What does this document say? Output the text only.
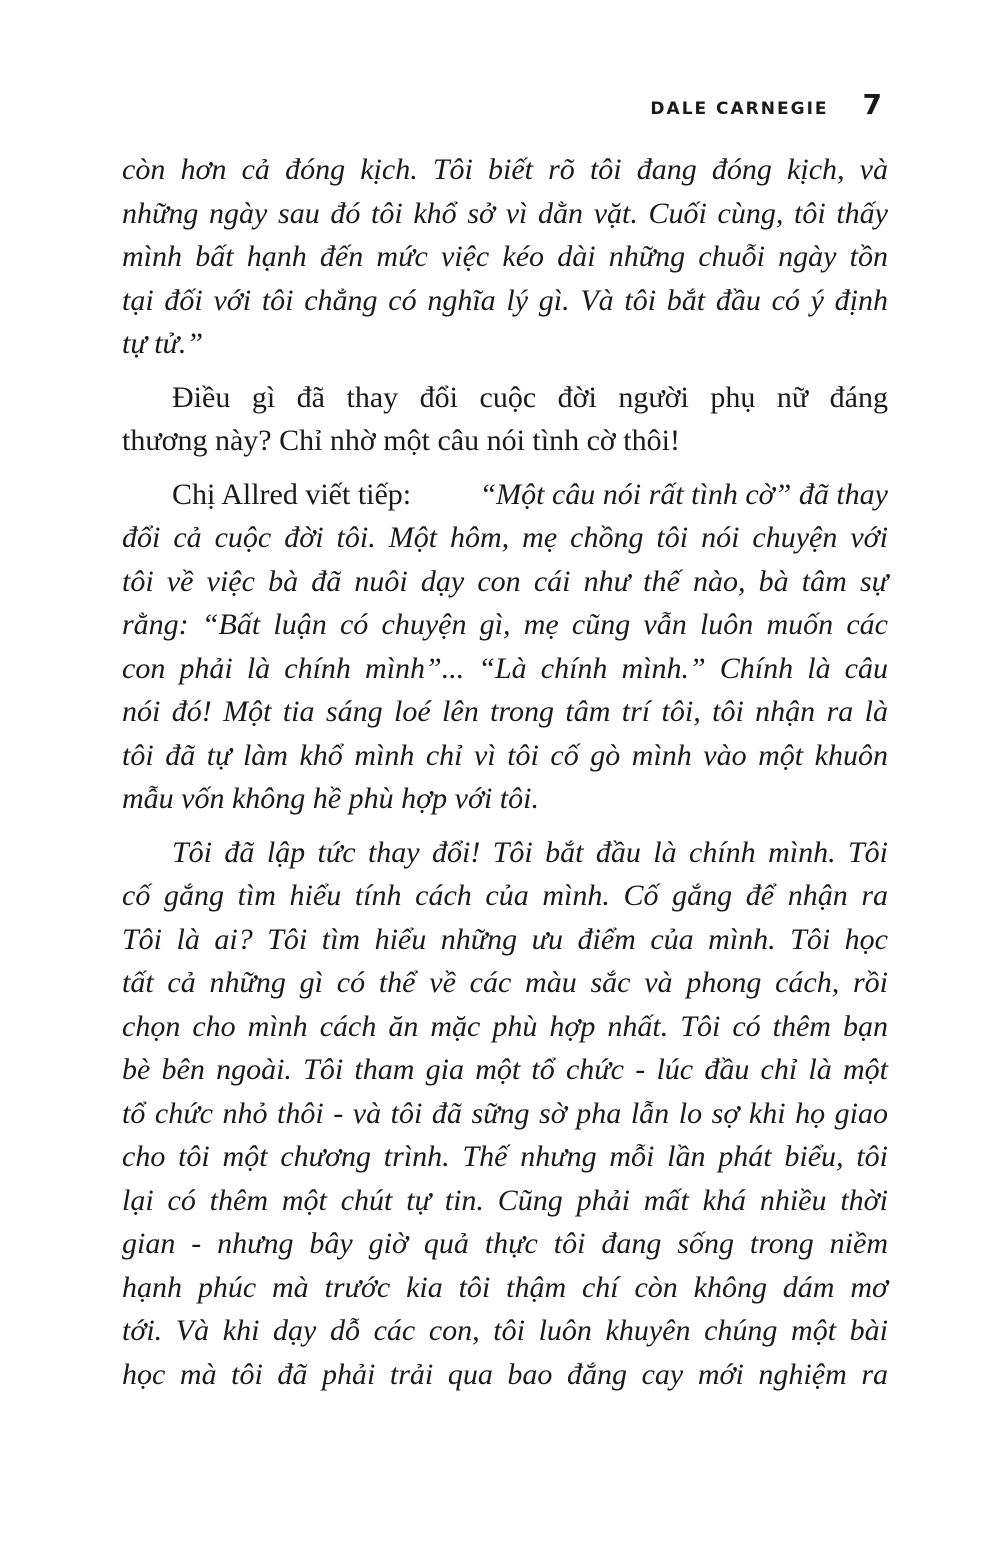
DALE CARNEGIE 7
còn hơn cả đóng kịch. Tôi biết rõ tôi đang đóng kịch, và
những ngày sau đó tôi khổ sở vì dằn vặt. Cuối cùng, tôi thấy
mình bất hạnh đến mức việc kéo dài những chuỗi ngày tồn
tại đối với tôi chẳng có nghĩa lý gì. Và tôi bắt đầu có ý định
tự tử.”
Điều gì đã thay đổi cuộc đời người phụ nữ đáng
thương này? Chỉ nhờ một câu nói tình cờ thôi!
Chị Allred viết tiếp: “Một câu nói rất tình cờ” đã thay
đổi cả cuộc đời tôi. Một hôm, mẹ chồng tôi nói chuyện với
tôi về việc bà đã nuôi dạy con cái như thế nào, bà tâm sự
rằng: “Bất luận có chuyện gì, mẹ cũng vẫn luôn muốn các
con phải là chính mình”... “Là chính mình.” Chính là câu
nói đó! Một tia sáng loé lên trong tâm trí tôi, tôi nhận ra là
tôi đã tự làm khổ mình chỉ vì tôi cố gò mình vào một khuôn
mẫu vốn không hề phù hợp với tôi.
Tôi đã lập tức thay đổi! Tôi bắt đầu là chính mình. Tôi
cố gắng tìm hiểu tính cách của mình. Cố gắng để nhận ra
Tôi là ai? Tôi tìm hiểu những ưu điểm của mình. Tôi học
tất cả những gì có thể về các màu sắc và phong cách, rồi
chọn cho mình cách ăn mặc phù hợp nhất. Tôi có thêm bạn
bè bên ngoài. Tôi tham gia một tổ chức - lúc đầu chỉ là một
tổ chức nhỏ thôi - và tôi đã sững sờ pha lẫn lo sợ khi họ giao
cho tôi một chương trình. Thế nhưng mỗi lần phát biểu, tôi
lại có thêm một chút tự tin. Cũng phải mất khá nhiều thời
gian - nhưng bây giờ quả thực tôi đang sống trong niềm
hạnh phúc mà trước kia tôi thậm chí còn không dám mơ
tới. Và khi dạy dỗ các con, tôi luôn khuyên chúng một bài
học mà tôi đã phải trải qua bao đắng cay mới nghiệm ra
